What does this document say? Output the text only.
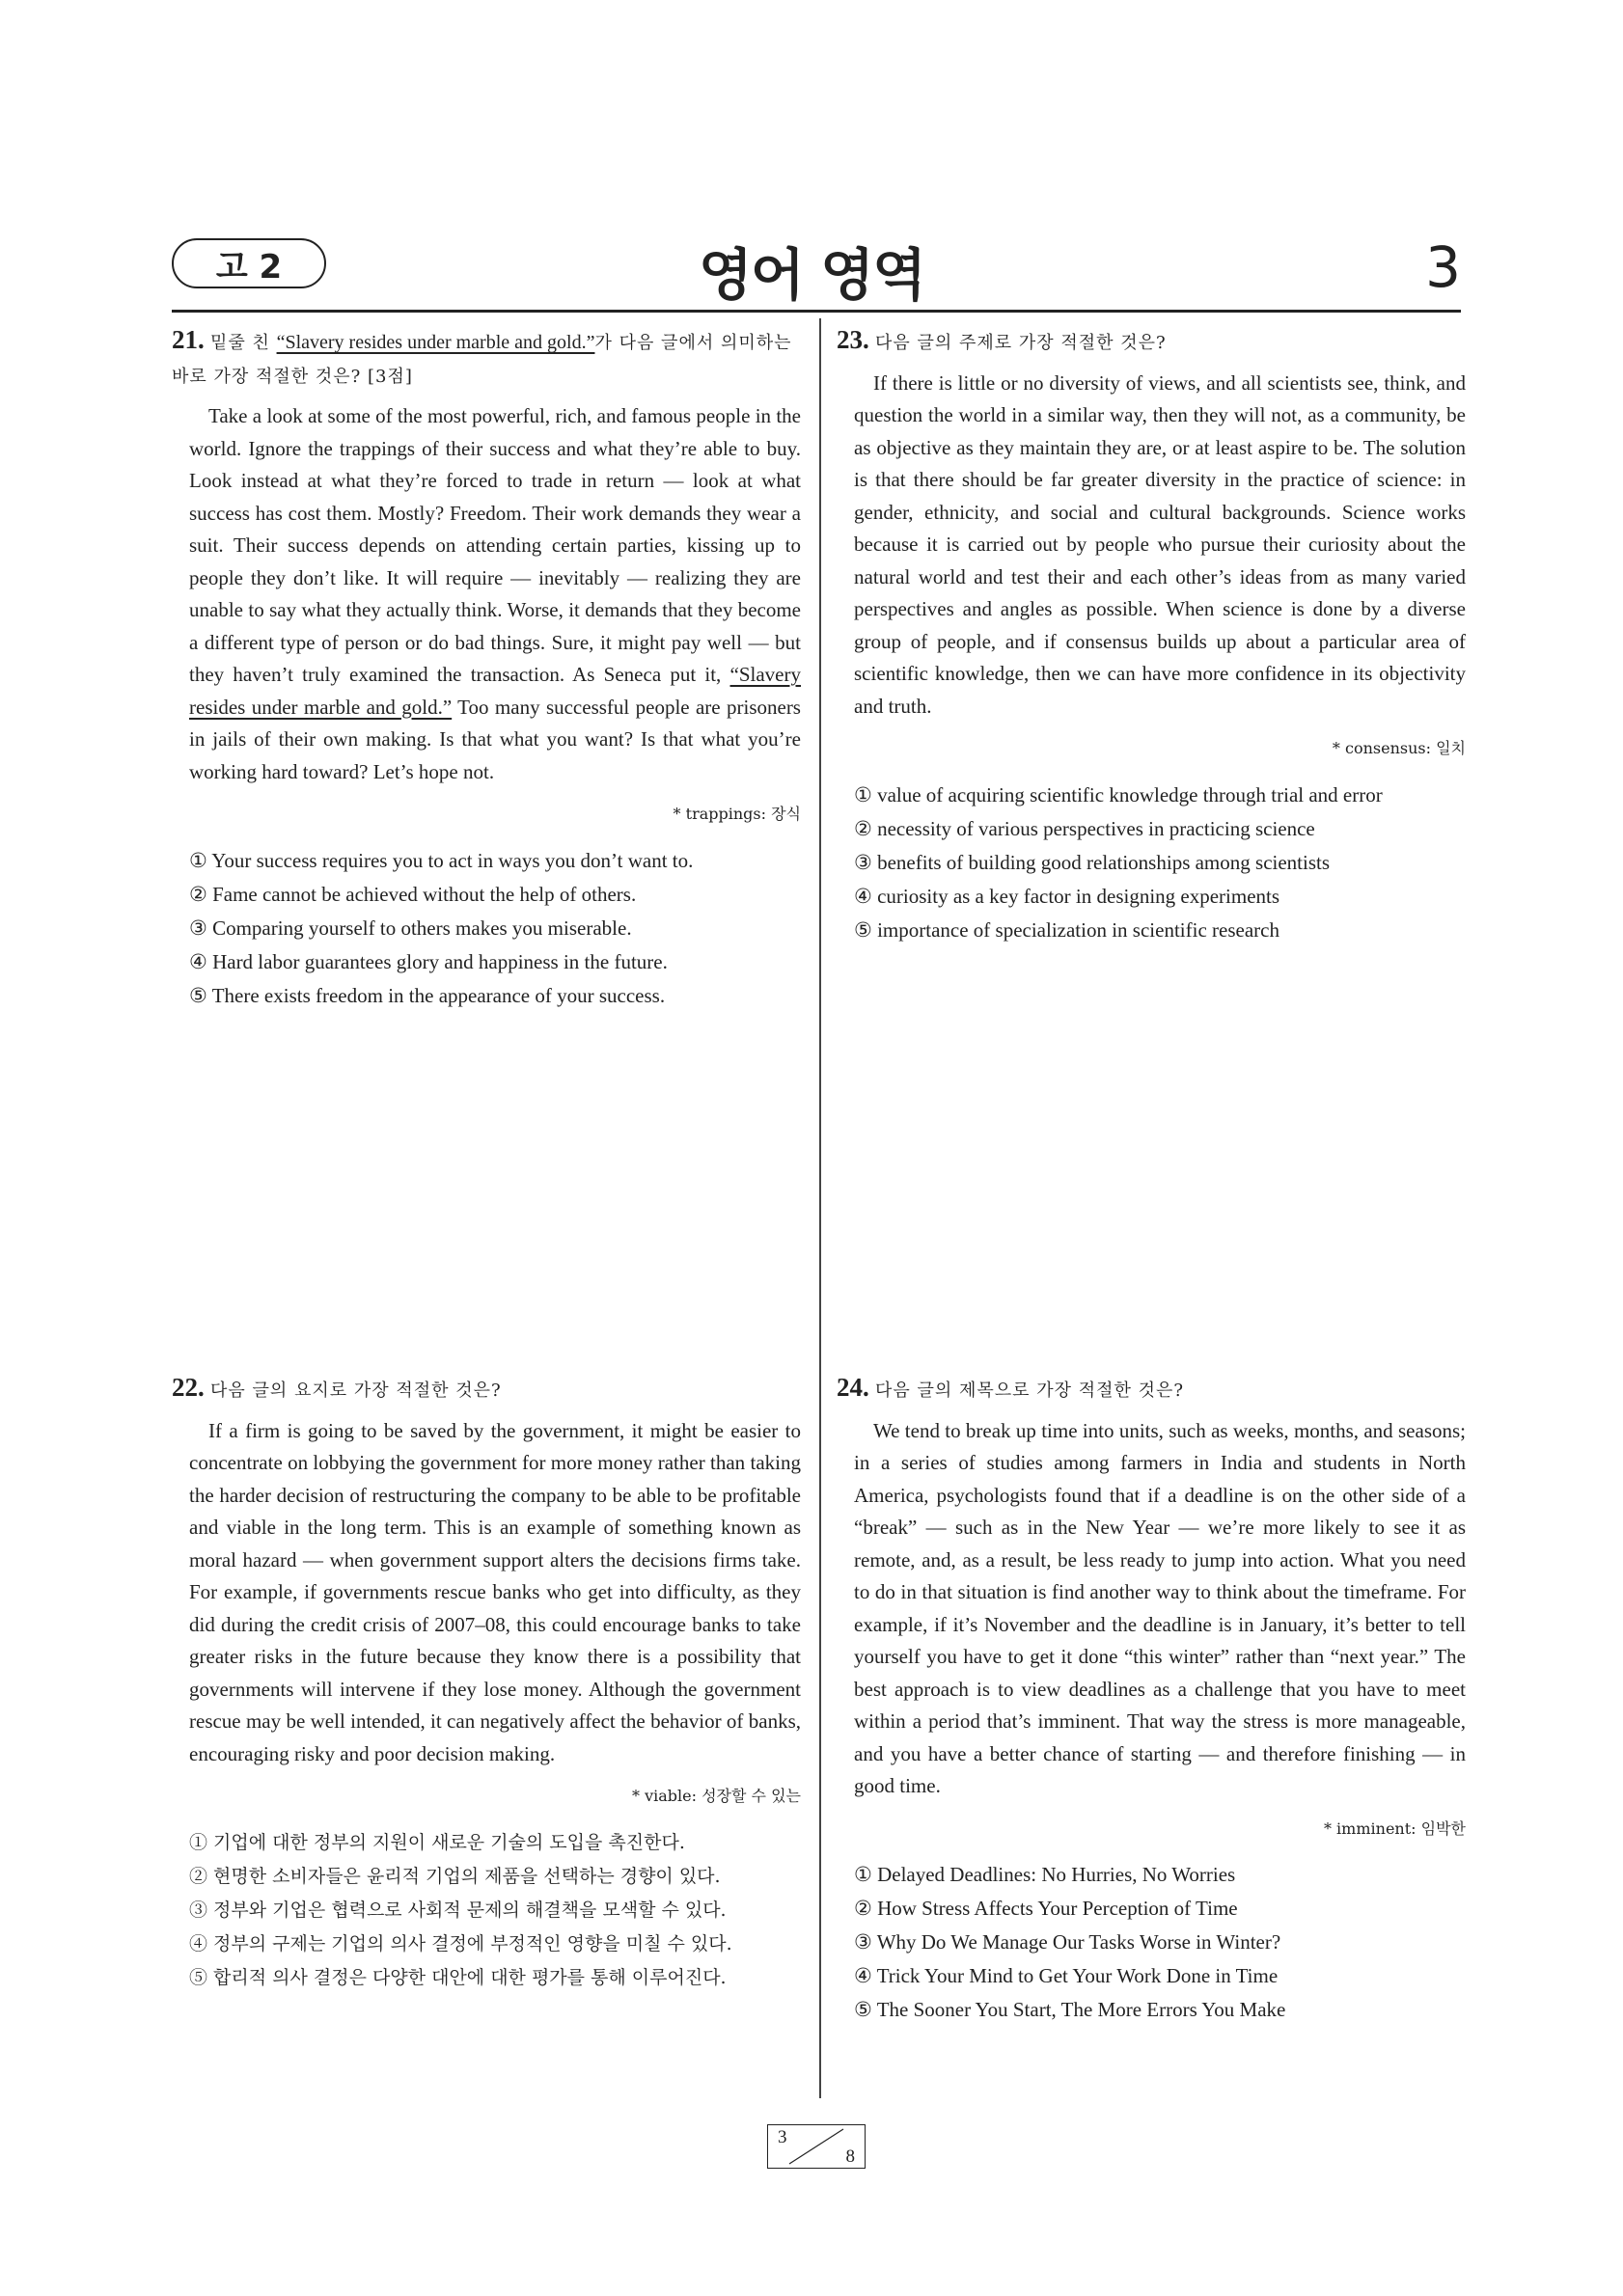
고 2	영어 영역	3
21. 밑줄 친 “Slavery resides under marble and gold.”가 다음 글에서 의미하는 바로 가장 적절한 것은? [3점]
Take a look at some of the most powerful, rich, and famous people in the world. Ignore the trappings of their success and what they’re able to buy. Look instead at what they’re forced to trade in return — look at what success has cost them. Mostly? Freedom. Their work demands they wear a suit. Their success depends on attending certain parties, kissing up to people they don’t like. It will require — inevitably — realizing they are unable to say what they actually think. Worse, it demands that they become a different type of person or do bad things. Sure, it might pay well — but they haven’t truly examined the transaction. As Seneca put it, “Slavery resides under marble and gold.” Too many successful people are prisoners in jails of their own making. Is that what you want? Is that what you’re working hard toward? Let’s hope not.
* trappings: 장식
① Your success requires you to act in ways you don’t want to.
② Fame cannot be achieved without the help of others.
③ Comparing yourself to others makes you miserable.
④ Hard labor guarantees glory and happiness in the future.
⑤ There exists freedom in the appearance of your success.
22. 다음 글의 요지로 가장 적절한 것은?
If a firm is going to be saved by the government, it might be easier to concentrate on lobbying the government for more money rather than taking the harder decision of restructuring the company to be able to be profitable and viable in the long term. This is an example of something known as moral hazard — when government support alters the decisions firms take. For example, if governments rescue banks who get into difficulty, as they did during the credit crisis of 2007–08, this could encourage banks to take greater risks in the future because they know there is a possibility that governments will intervene if they lose money. Although the government rescue may be well intended, it can negatively affect the behavior of banks, encouraging risky and poor decision making.
* viable: 성장할 수 있는
① 기업에 대한 정부의 지원이 새로운 기술의 도입을 촉진한다.
② 현명한 소비자들은 윤리적 기업의 제품을 선택하는 경향이 있다.
③ 정부와 기업은 협력으로 사회적 문제의 해결책을 모색할 수 있다.
④ 정부의 구제는 기업의 의사 결정에 부정적인 영향을 미칠 수 있다.
⑤ 합리적 의사 결정은 다양한 대안에 대한 평가를 통해 이루어진다.
23. 다음 글의 주제로 가장 적절한 것은?
If there is little or no diversity of views, and all scientists see, think, and question the world in a similar way, then they will not, as a community, be as objective as they maintain they are, or at least aspire to be. The solution is that there should be far greater diversity in the practice of science: in gender, ethnicity, and social and cultural backgrounds. Science works because it is carried out by people who pursue their curiosity about the natural world and test their and each other’s ideas from as many varied perspectives and angles as possible. When science is done by a diverse group of people, and if consensus builds up about a particular area of scientific knowledge, then we can have more confidence in its objectivity and truth.
* consensus: 일치
① value of acquiring scientific knowledge through trial and error
② necessity of various perspectives in practicing science
③ benefits of building good relationships among scientists
④ curiosity as a key factor in designing experiments
⑤ importance of specialization in scientific research
24. 다음 글의 제목으로 가장 적절한 것은?
We tend to break up time into units, such as weeks, months, and seasons; in a series of studies among farmers in India and students in North America, psychologists found that if a deadline is on the other side of a “break” — such as in the New Year — we’re more likely to see it as remote, and, as a result, be less ready to jump into action. What you need to do in that situation is find another way to think about the timeframe. For example, if it’s November and the deadline is in January, it’s better to tell yourself you have to get it done “this winter” rather than “next year.” The best approach is to view deadlines as a challenge that you have to meet within a period that’s imminent. That way the stress is more manageable, and you have a better chance of starting — and therefore finishing — in good time.
* imminent: 임박한
① Delayed Deadlines: No Hurries, No Worries
② How Stress Affects Your Perception of Time
③ Why Do We Manage Our Tasks Worse in Winter?
④ Trick Your Mind to Get Your Work Done in Time
⑤ The Sooner You Start, The More Errors You Make
3
8
